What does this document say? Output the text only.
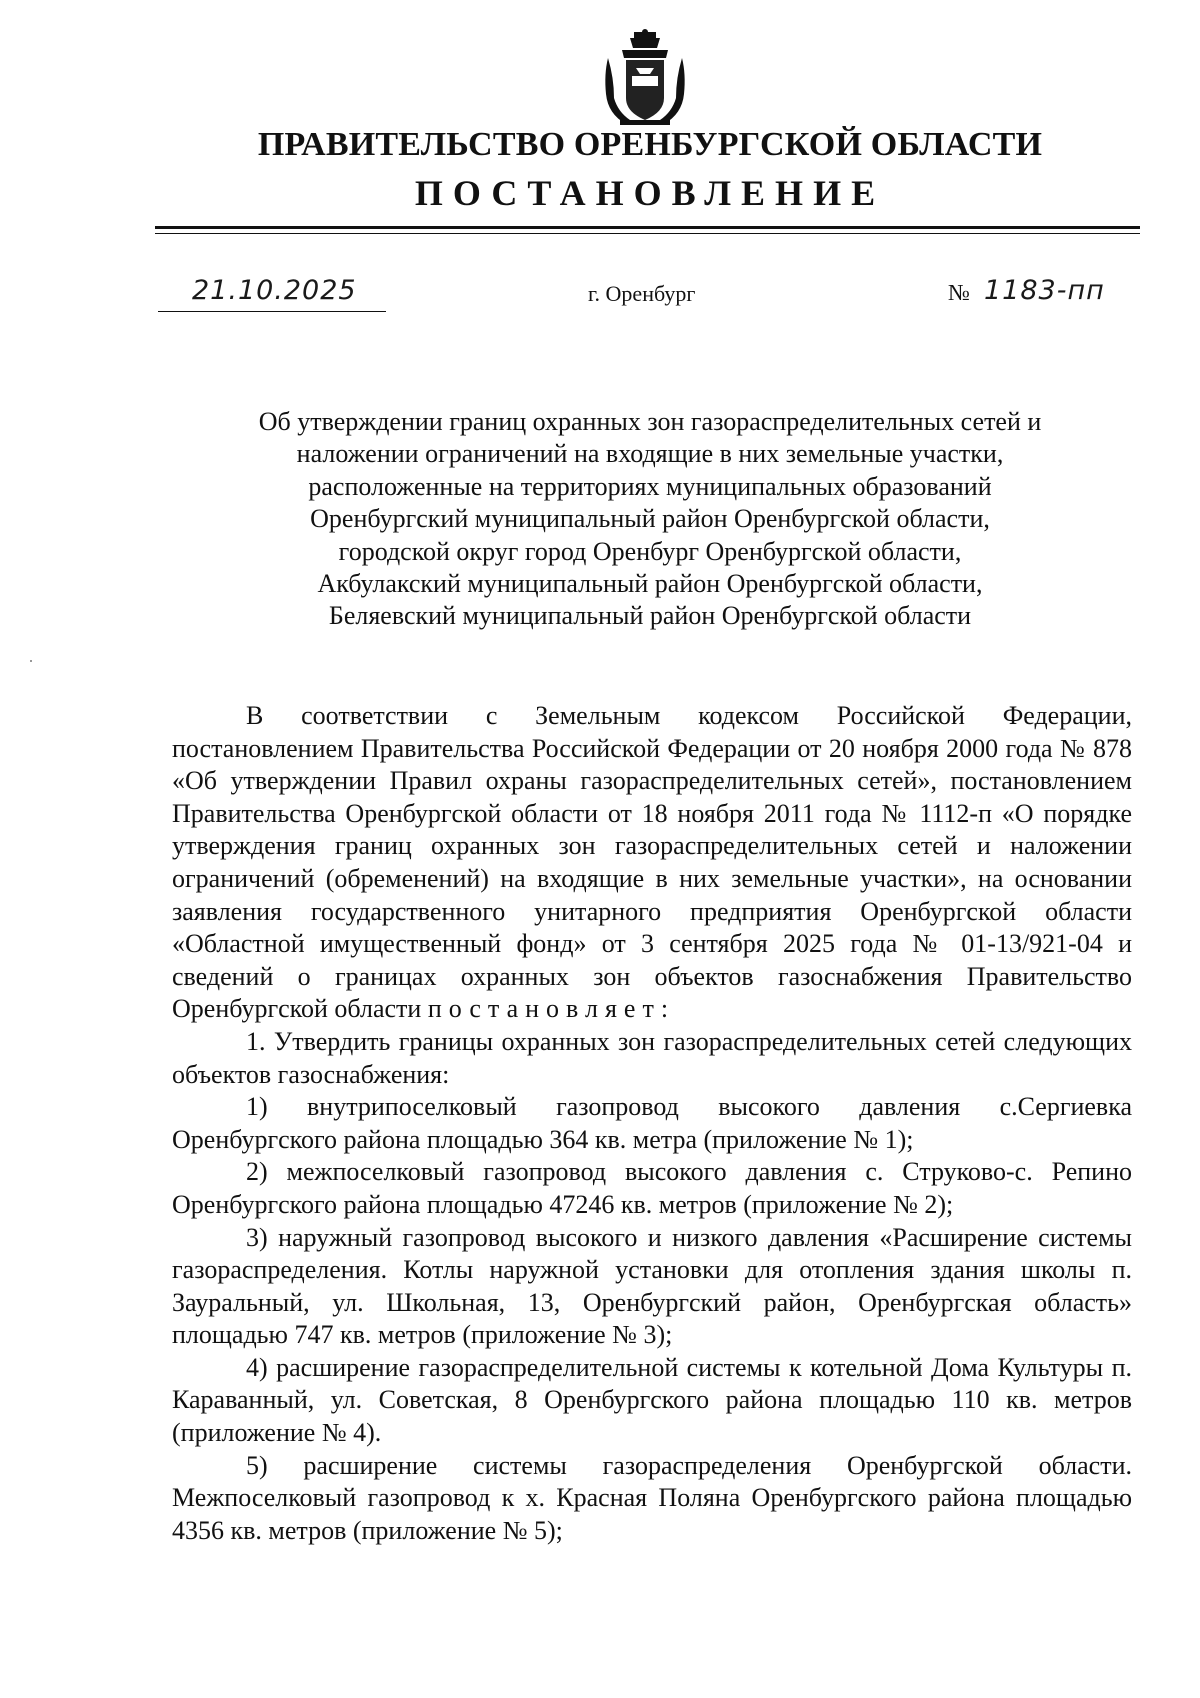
ПРАВИТЕЛЬСТВО ОРЕНБУРГСКОЙ ОБЛАСТИ
ПОСТАНОВЛЕНИЕ
21.10.2025	г. Оренбург	№ 1183-пп
Об утверждении границ охранных зон газораспределительных сетей и
наложении ограничений на входящие в них земельные участки,
расположенные на территориях муниципальных образований
Оренбургский муниципальный район Оренбургской области,
городской округ город Оренбург Оренбургской области,
Акбулакский муниципальный район Оренбургской области,
Беляевский муниципальный район Оренбургской области

В соответствии с Земельным кодексом Российской Федерации, постановлением Правительства Российской Федерации от 20 ноября 2000 года № 878 «Об утверждении Правил охраны газораспределительных сетей», постановлением Правительства Оренбургской области от 18 ноября 2011 года № 1112-п «О порядке утверждения границ охранных зон газораспределительных сетей и наложении ограничений (обременений) на входящие в них земельные участки», на основании заявления государственного унитарного предприятия Оренбургской области «Областной имущественный фонд» от 3 сентября 2025 года № 01-13/921-04 и сведений о границах охранных зон объектов газоснабжения Правительство Оренбургской области постановляет:

1. Утвердить границы охранных зон газораспределительных сетей следующих объектов газоснабжения:

1) внутрипоселковый газопровод высокого давления с.Сергиевка Оренбургского района площадью 364 кв. метра (приложение № 1);

2) межпоселковый газопровод высокого давления с. Струково-с. Репино Оренбургского района площадью 47246 кв. метров (приложение № 2);

3) наружный газопровод высокого и низкого давления «Расширение системы газораспределения. Котлы наружной установки для отопления здания школы п. Зауральный, ул. Школьная, 13, Оренбургский район, Оренбургская область» площадью 747 кв. метров (приложение № 3);

4) расширение газораспределительной системы к котельной Дома Культуры п. Караванный, ул. Советская, 8 Оренбургского района площадью 110 кв. метров (приложение № 4).

5) расширение системы газораспределения Оренбургской области. Межпоселковый газопровод к х. Красная Поляна Оренбургского района площадью 4356 кв. метров (приложение № 5);
